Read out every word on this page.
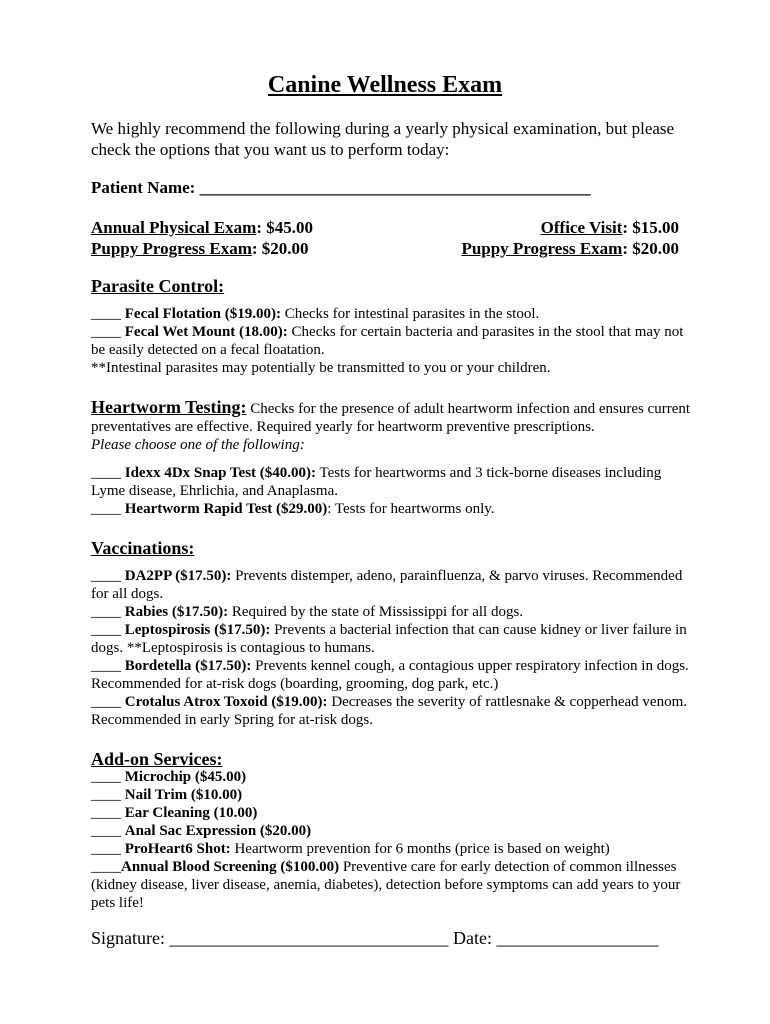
Canine Wellness Exam
We highly recommend the following during a yearly physical examination, but please check the options that you want us to perform today:
Patient Name: ______________________________________________
Annual Physical Exam: $45.00	Office Visit: $15.00
Puppy Progress Exam: $20.00	Puppy Progress Exam: $20.00
Parasite Control:

____ Fecal Flotation ($19.00): Checks for intestinal parasites in the stool.

____ Fecal Wet Mount (18.00): Checks for certain bacteria and parasites in the stool that may not be easily detected on a fecal floatation.

**Intestinal parasites may potentially be transmitted to you or your children.

Heartworm Testing: Checks for the presence of adult heartworm infection and ensures current preventatives are effective. Required yearly for heartworm preventive prescriptions.

Please choose one of the following:

____ Idexx 4Dx Snap Test ($40.00): Tests for heartworms and 3 tick-borne diseases including Lyme disease, Ehrlichia, and Anaplasma.

____ Heartworm Rapid Test ($29.00): Tests for heartworms only.

Vaccinations:

____ DA2PP ($17.50): Prevents distemper, adeno, parainfluenza, & parvo viruses. Recommended for all dogs.

____ Rabies ($17.50): Required by the state of Mississippi for all dogs.

____ Leptospirosis ($17.50): Prevents a bacterial infection that can cause kidney or liver failure in dogs. **Leptospirosis is contagious to humans.

____ Bordetella ($17.50): Prevents kennel cough, a contagious upper respiratory infection in dogs. Recommended for at-risk dogs (boarding, grooming, dog park, etc.)

____ Crotalus Atrox Toxoid ($19.00): Decreases the severity of rattlesnake & copperhead venom. Recommended in early Spring for at-risk dogs.

Add-on Services:

____ Microchip ($45.00)

____ Nail Trim ($10.00)

____ Ear Cleaning (10.00)

____ Anal Sac Expression ($20.00)

____ ProHeart6 Shot: Heartworm prevention for 6 months (price is based on weight)

____Annual Blood Screening ($100.00) Preventive care for early detection of common illnesses (kidney disease, liver disease, anemia, diabetes), detection before symptoms can add years to your pets life!

Signature: _______________________________ Date: __________________
